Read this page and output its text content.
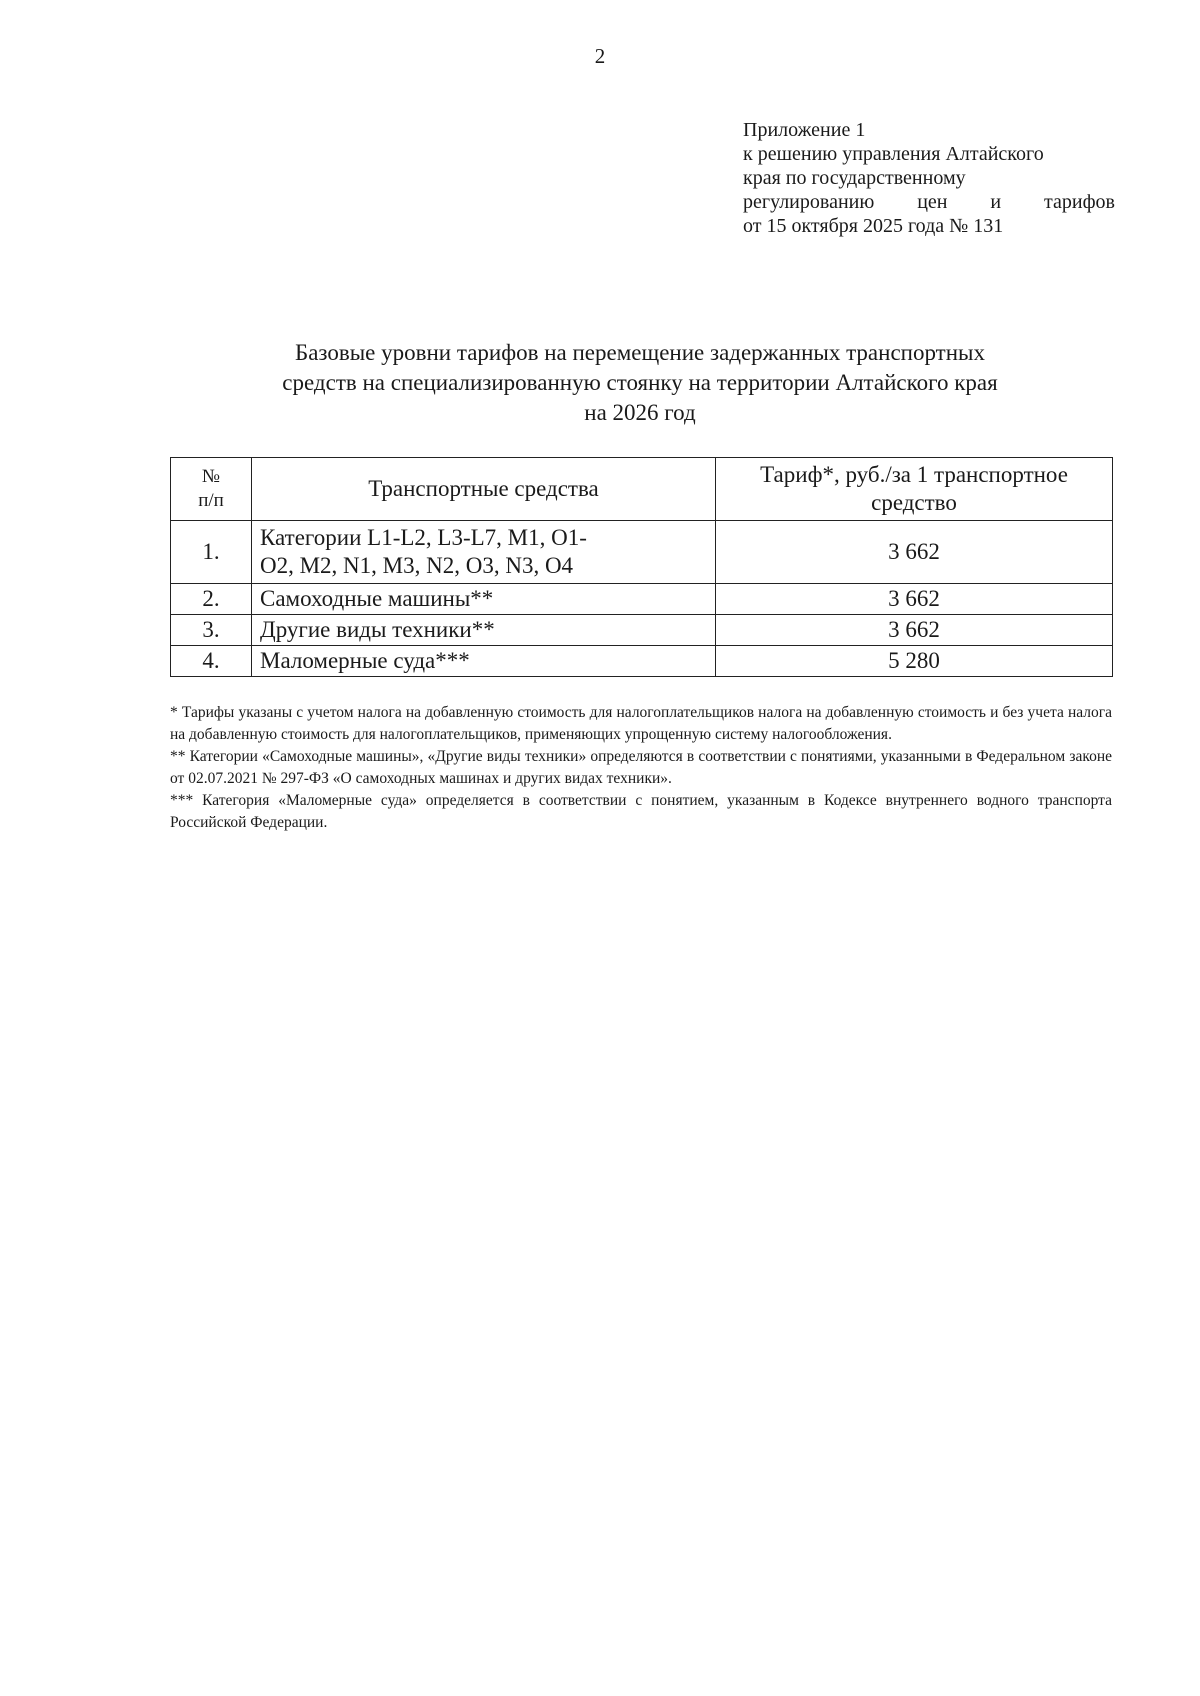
2
Приложение 1
к решению управления Алтайского
края по государственному
регулированию цен и тарифов
от 15 октября 2025 года № 131
Базовые уровни тарифов на перемещение задержанных транспортных
средств на специализированную стоянку на территории Алтайского края
на 2026 год
№
п/п	Транспортные средства	Тариф*, руб./за 1 транспортное
средство
1.	Категории L1-L2, L3-L7, M1, O1-
O2, M2, N1, M3, N2, O3, N3, O4	3 662
2.	Самоходные машины**	3 662
3.	Другие виды техники**	3 662
4.	Маломерные суда***	5 280

* Тарифы указаны с учетом налога на добавленную стоимость для налогоплательщиков налога на добавленную стоимость и без учета налога на добавленную стоимость для налогоплательщиков, применяющих упрощенную систему налогообложения.

** Категории «Самоходные машины», «Другие виды техники» определяются в соответствии с понятиями, указанными в Федеральном законе от 02.07.2021 № 297-ФЗ «О самоходных машинах и других видах техники».

*** Категория «Маломерные суда» определяется в соответствии с понятием, указанным в Кодексе внутреннего водного транспорта Российской Федерации.
